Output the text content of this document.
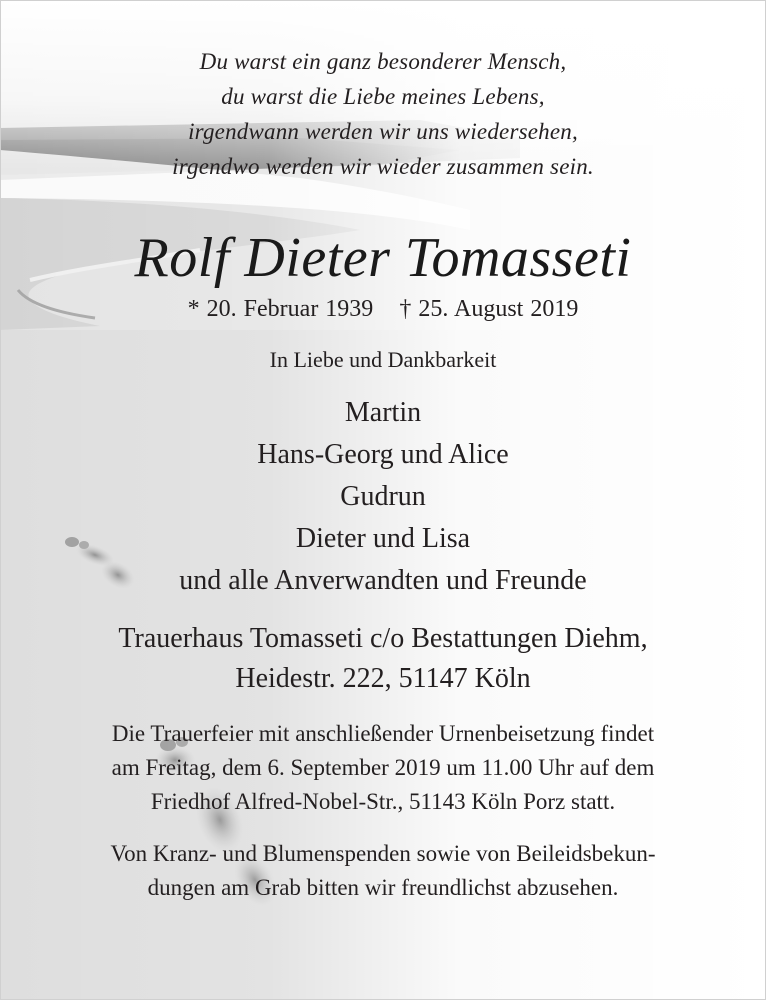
Du warst ein ganz besonderer Mensch,
du warst die Liebe meines Lebens,
irgendwann werden wir uns wiedersehen,
irgendwo werden wir wieder zusammen sein.
Rolf Dieter Tomasseti
* 20. Februar 1939 † 25. August 2019
In Liebe und Dankbarkeit
Martin
Hans-Georg und Alice
Gudrun
Dieter und Lisa
und alle Anverwandten und Freunde
Trauerhaus Tomasseti c/o Bestattungen Diehm,
Heidestr. 222, 51147 Köln
Die Trauerfeier mit anschließender Urnenbeisetzung findet
am Freitag, dem 6. September 2019 um 11.00 Uhr auf dem
Friedhof Alfred-Nobel-Str., 51143 Köln Porz statt.
Von Kranz- und Blumenspenden sowie von Beileidsbekun-
dungen am Grab bitten wir freundlichst abzusehen.
